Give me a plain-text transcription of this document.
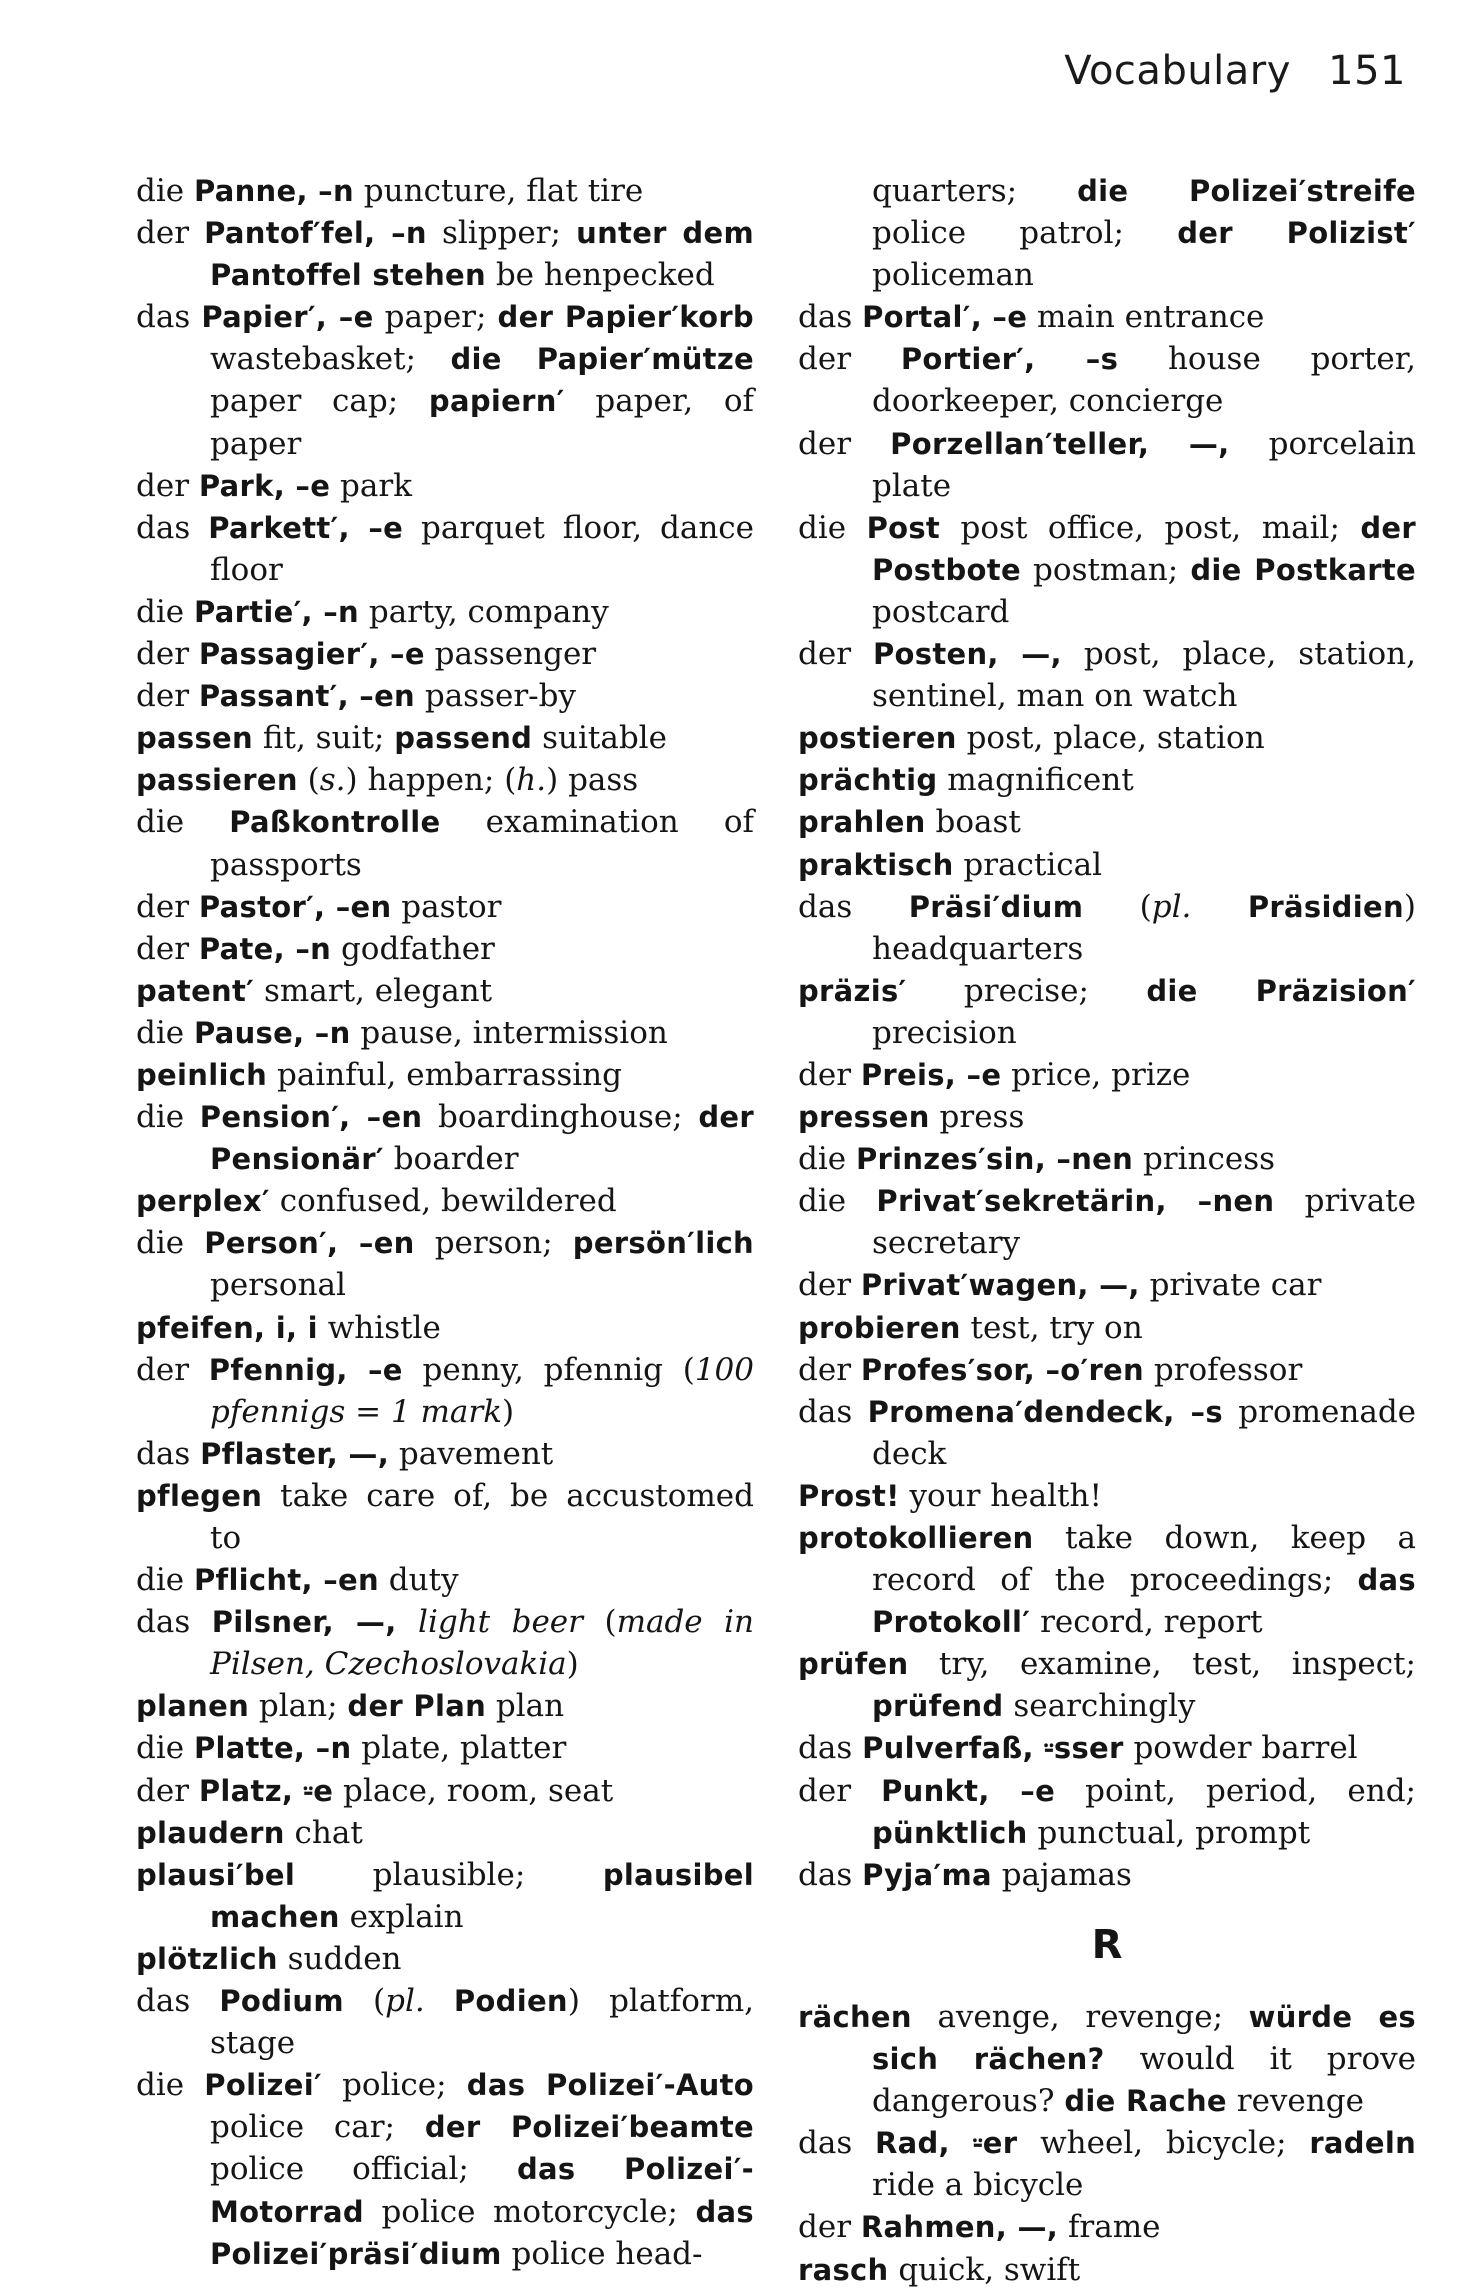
Vocabulary 151
die Panne, –n puncture, flat tire
der Pantof′fel, –n slipper; unter dem Pantoffel stehen be henpecked
das Papier′, –e paper; der Papier′korb wastebasket; die Papier′mütze paper cap; papiern′ paper, of paper
der Park, –e park
das Parkett′, –e parquet floor, dance floor
die Partie′, –n party, company
der Passagier′, –e passenger
der Passant′, –en passer-by
passen fit, suit; passend suitable
passieren (s.) happen; (h.) pass
die Paßkontrolle examination of passports
der Pastor′, –en pastor
der Pate, –n godfather
patent′ smart, elegant
die Pause, –n pause, intermission
peinlich painful, embarrassing
die Pension′, –en boardinghouse; der Pensionär′ boarder
perplex′ confused, bewildered
die Person′, –en person; persön′lich personal
pfeifen, i, i whistle
der Pfennig, –e penny, pfennig (100 pfennigs = 1 mark)
das Pflaster, —, pavement
pflegen take care of, be accustomed to
die Pflicht, –en duty
das Pilsner, —, light beer (made in Pilsen, Czechoslovakia)
planen plan; der Plan plan
die Platte, –n plate, platter
der Platz, ⸚e place, room, seat
plaudern chat
plausi′bel plausible; plausibel machen explain
plötzlich sudden
das Podium (pl. Podien) platform, stage
die Polizei′ police; das Polizei′-Auto police car; der Polizei′beamte police official; das Polizei′-Motorrad police motorcycle; das Polizei′präsi′dium police head-
quarters; die Polizei′streife police patrol; der Polizist′ policeman
das Portal′, –e main entrance
der Portier′, –s house porter, doorkeeper, concierge
der Porzellan′teller, —, porcelain plate
die Post post office, post, mail; der Postbote postman; die Postkarte postcard
der Posten, —, post, place, station, sentinel, man on watch
postieren post, place, station
prächtig magnificent
prahlen boast
praktisch practical
das Präsi′dium (pl. Präsidien) headquarters
präzis′ precise; die Präzision′ precision
der Preis, –e price, prize
pressen press
die Prinzes′sin, –nen princess
die Privat′sekretärin, –nen private secretary
der Privat′wagen, —, private car
probieren test, try on
der Profes′sor, –o′ren professor
das Promena′dendeck, –s promenade deck
Prost! your health!
protokollieren take down, keep a record of the proceedings; das Protokoll′ record, report
prüfen try, examine, test, inspect; prüfend searchingly
das Pulverfaß, ⸚sser powder barrel
der Punkt, –e point, period, end; pünktlich punctual, prompt
das Pyja′ma pajamas
R
rächen avenge, revenge; würde es sich rächen? would it prove dangerous? die Rache revenge
das Rad, ⸚er wheel, bicycle; radeln ride a bicycle
der Rahmen, —, frame
rasch quick, swift
